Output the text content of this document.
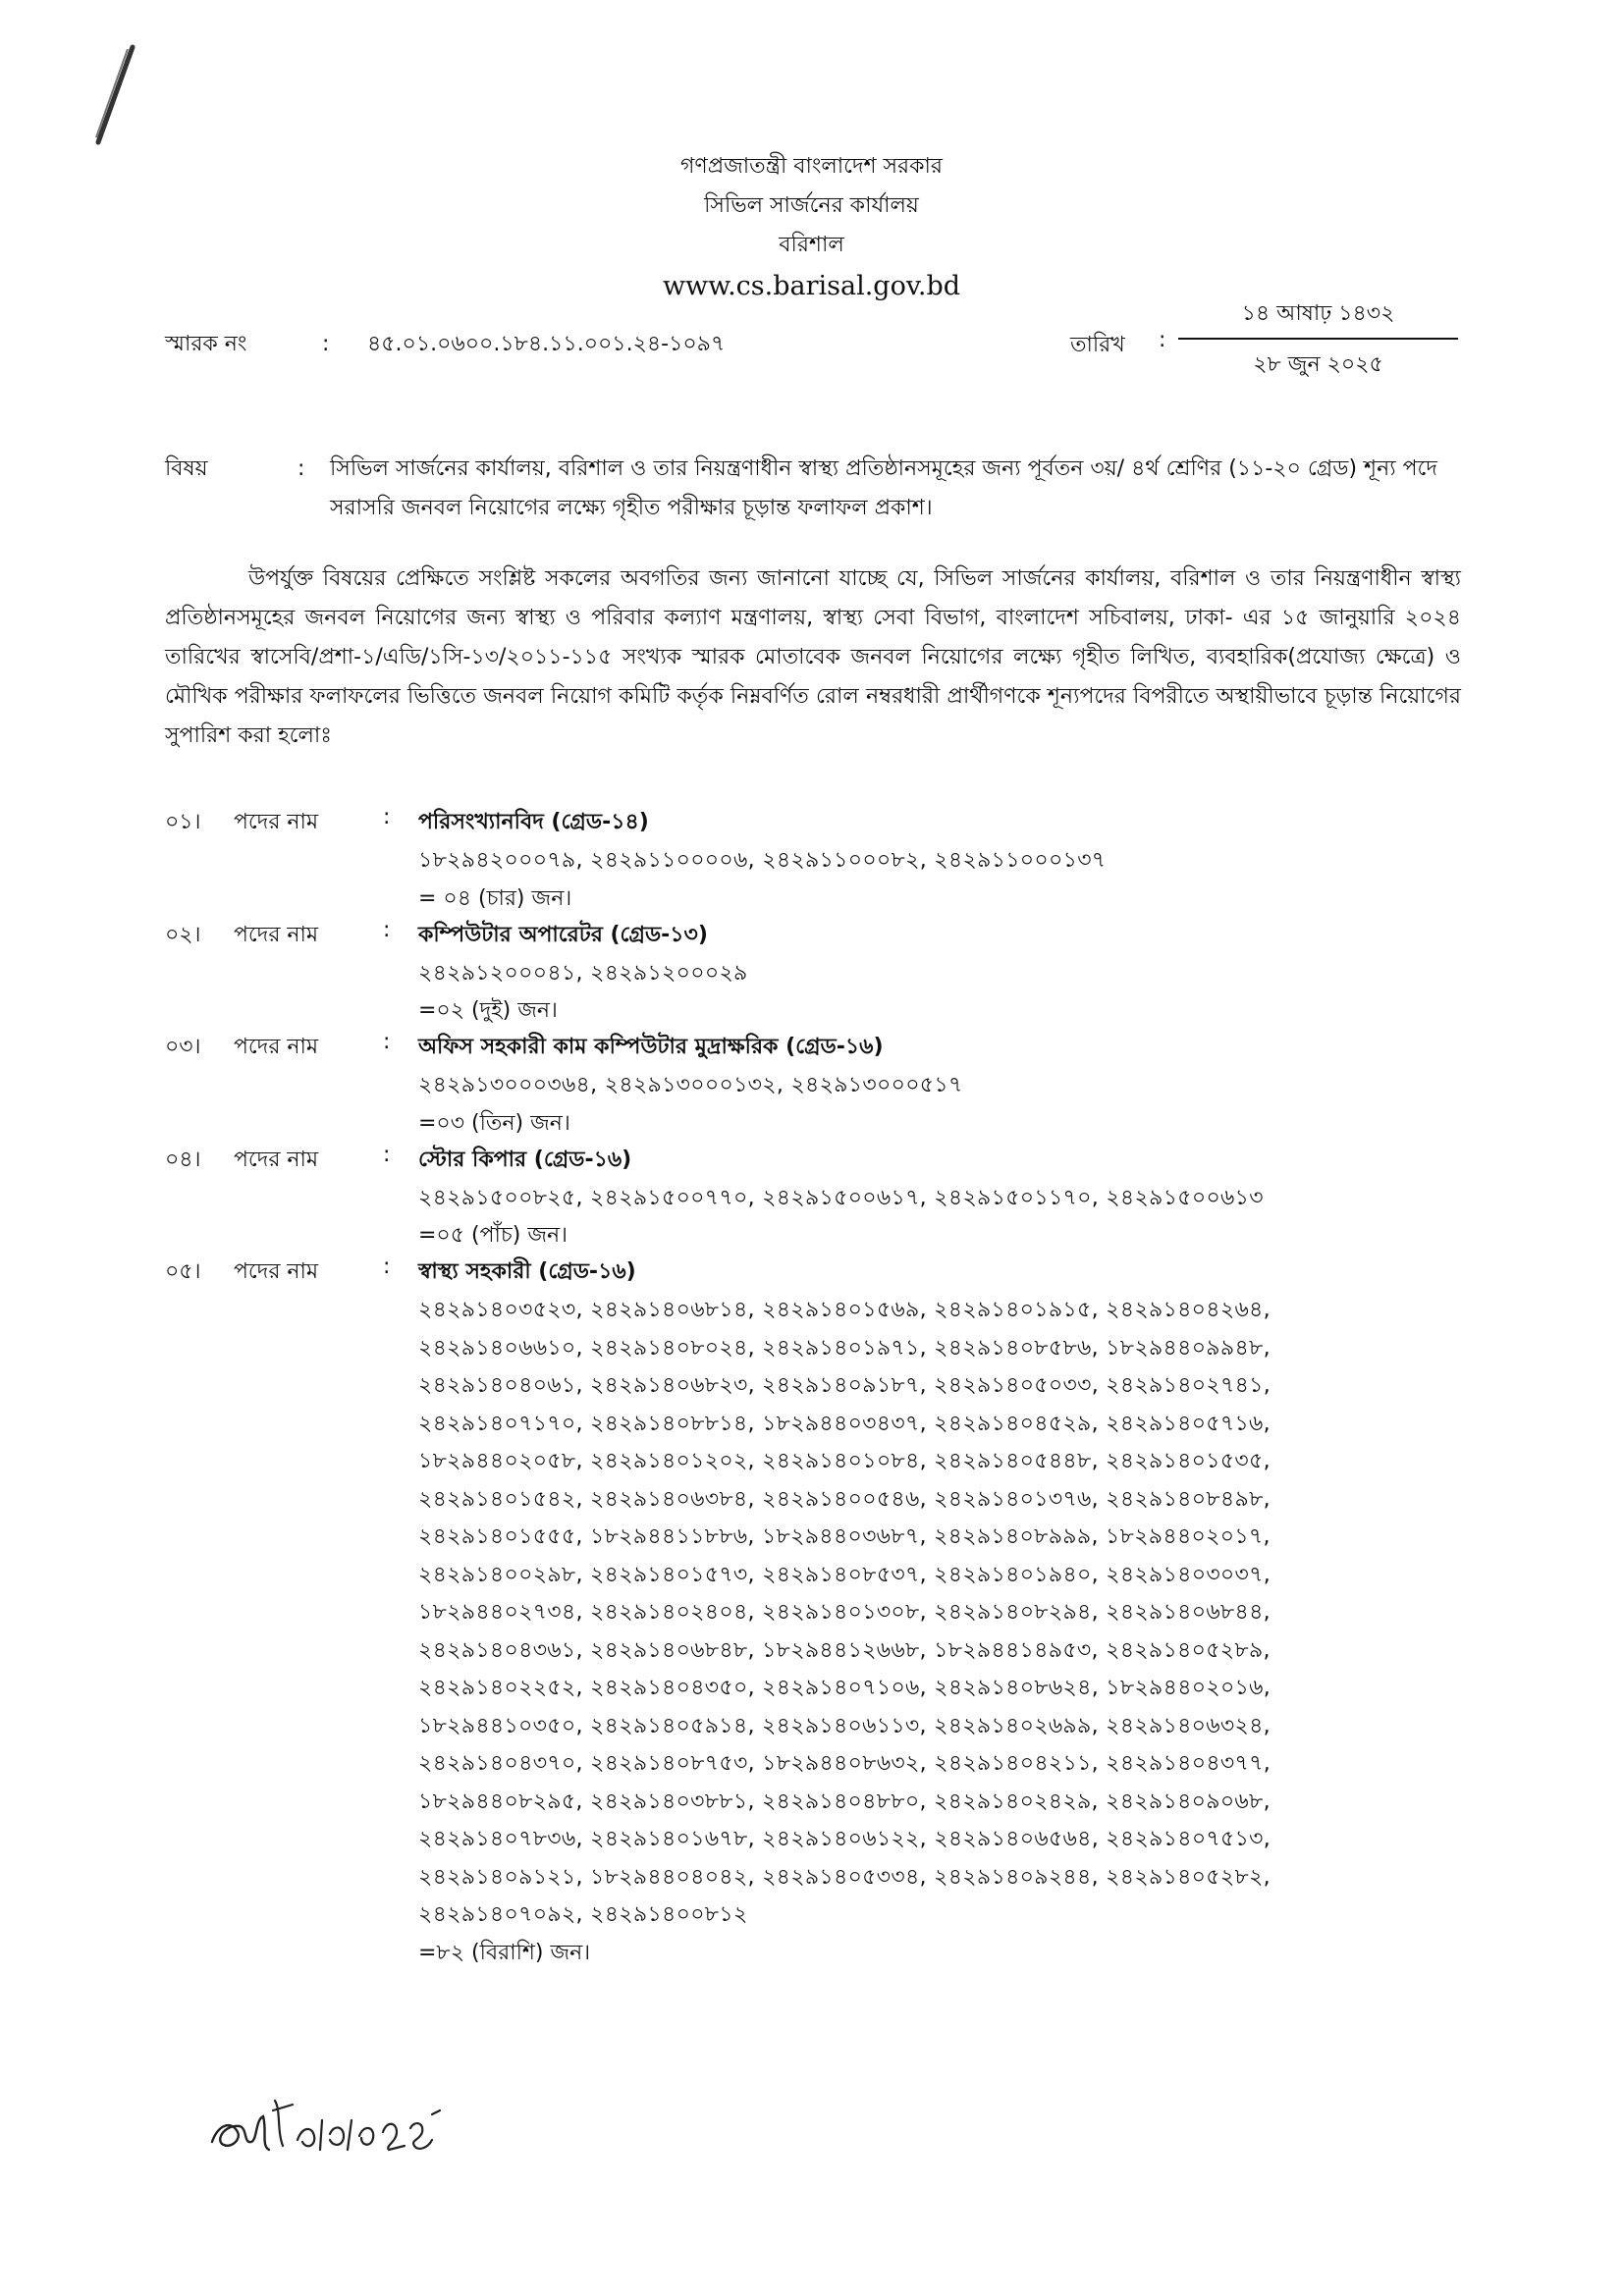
গণপ্রজাতন্ত্রী বাংলাদেশ সরকার
সিভিল সার্জনের কার্যালয়
বরিশাল
www.cs.barisal.gov.bd
স্মারক নং	: ৪৫.০১.০৬০০.১৮৪.১১.০০১.২৪-১০৯৭	তারিখ :
১৪ আষাঢ় ১৪৩২
২৮ জুন ২০২৫
বিষয়	: সিভিল সার্জনের কার্যালয়, বরিশাল ও তার নিয়ন্ত্রণাধীন স্বাস্থ্য প্রতিষ্ঠানসমূহের জন্য পূর্বতন ৩য়/ ৪র্থ শ্রেণির (১১-২০ গ্রেড) শূন্য পদে সরাসরি জনবল নিয়োগের লক্ষ্যে গৃহীত পরীক্ষার চূড়ান্ত ফলাফল প্রকাশ।
উপর্যুক্ত বিষয়ের প্রেক্ষিতে সংশ্লিষ্ট সকলের অবগতির জন্য জানানো যাচ্ছে যে, সিভিল সার্জনের কার্যালয়, বরিশাল ও তার নিয়ন্ত্রণাধীন স্বাস্থ্য প্রতিষ্ঠানসমূহের জনবল নিয়োগের জন্য স্বাস্থ্য ও পরিবার কল্যাণ মন্ত্রণালয়, স্বাস্থ্য সেবা বিভাগ, বাংলাদেশ সচিবালয়, ঢাকা- এর ১৫ জানুয়ারি ২০২৪ তারিখের স্বাসেবি/প্রশা-১/এডি/১সি-১৩/২০১১-১১৫ সংখ্যক স্মারক মোতাবেক জনবল নিয়োগের লক্ষ্যে গৃহীত লিখিত, ব্যবহারিক(প্রযোজ্য ক্ষেত্রে) ও মৌখিক পরীক্ষার ফলাফলের ভিত্তিতে জনবল নিয়োগ কমিটি কর্তৃক নিম্নবর্ণিত রোল নম্বরধারী প্রার্থীগণকে শূন্যপদের বিপরীতে অস্থায়ীভাবে চূড়ান্ত নিয়োগের সুপারিশ করা হলোঃ
০১। পদের নাম	: পরিসংখ্যানবিদ (গ্রেড-১৪)
১৮২৯৪২০০০৭৯, ২৪২৯১১০০০০৬, ২৪২৯১১০০০৮২, ২৪২৯১১০০০১৩৭
= ০৪ (চার) জন।
০২। পদের নাম	: কম্পিউটার অপারেটর (গ্রেড-১৩)
২৪২৯১২০০০৪১, ২৪২৯১২০০০২৯
=০২ (দুই) জন।
০৩। পদের নাম	: অফিস সহকারী কাম কম্পিউটার মুদ্রাক্ষরিক (গ্রেড-১৬)
২৪২৯১৩০০০৩৬৪, ২৪২৯১৩০০০১৩২, ২৪২৯১৩০০০৫১৭
=০৩ (তিন) জন।
০৪। পদের নাম	: স্টোর কিপার (গ্রেড-১৬)
২৪২৯১৫০০৮২৫, ২৪২৯১৫০০৭৭০, ২৪২৯১৫০০৬১৭, ২৪২৯১৫০১১৭০, ২৪২৯১৫০০৬১৩
=০৫ (পাঁচ) জন।
০৫। পদের নাম	: স্বাস্থ্য সহকারী (গ্রেড-১৬)
২৪২৯১৪০৩৫২৩, ২৪২৯১৪০৬৮১৪, ২৪২৯১৪০১৫৬৯, ২৪২৯১৪০১৯১৫, ২৪২৯১৪০৪২৬৪, ২৪২৯১৪০৬৬১০, ২৪২৯১৪০৮০২৪, ২৪২৯১৪০১৯৭১, ২৪২৯১৪০৮৫৮৬, ১৮২৯৪৪০৯৯৪৮, ২৪২৯১৪০৪০৬১, ২৪২৯১৪০৬৮২৩, ২৪২৯১৪০৯১৮৭, ২৪২৯১৪০৫০৩৩, ২৪২৯১৪০২৭৪১, ২৪২৯১৪০৭১৭০, ২৪২৯১৪০৮৮১৪, ১৮২৯৪৪০৩৪৩৭, ২৪২৯১৪০৪৫২৯, ২৪২৯১৪০৫৭১৬, ১৮২৯৪৪০২০৫৮, ২৪২৯১৪০১২০২, ২৪২৯১৪০১০৮৪, ২৪২৯১৪০৫৪৪৮, ২৪২৯১৪০১৫৩৫, ২৪২৯১৪০১৫৪২, ২৪২৯১৪০৬৩৮৪, ২৪২৯১৪০০৫৪৬, ২৪২৯১৪০১৩৭৬, ২৪২৯১৪০৮৪৯৮, ২৪২৯১৪০১৫৫৫, ১৮২৯৪৪১১৮৮৬, ১৮২৯৪৪০৩৬৮৭, ২৪২৯১৪০৮৯৯৯, ১৮২৯৪৪০২০১৭, ২৪২৯১৪০০২৯৮, ২৪২৯১৪০১৫৭৩, ২৪২৯১৪০৮৫৩৭, ২৪২৯১৪০১৯৪০, ২৪২৯১৪০৩০৩৭, ১৮২৯৪৪০২৭৩৪, ২৪২৯১৪০২৪০৪, ২৪২৯১৪০১৩০৮, ২৪২৯১৪০৮২৯৪, ২৪২৯১৪০৬৮৪৪, ২৪২৯১৪০৪৩৬১, ২৪২৯১৪০৬৮৪৮, ১৮২৯৪৪১২৬৬৮, ১৮২৯৪৪১৪৯৫৩, ২৪২৯১৪০৫২৮৯, ২৪২৯১৪০২২৫২, ২৪২৯১৪০৪৩৫০, ২৪২৯১৪০৭১০৬, ২৪২৯১৪০৮৬২৪, ১৮২৯৪৪০২০১৬, ১৮২৯৪৪১০৩৫০, ২৪২৯১৪০৫৯১৪, ২৪২৯১৪০৬১১৩, ২৪২৯১৪০২৬৯৯, ২৪২৯১৪০৬৩২৪, ২৪২৯১৪০৪৩৭০, ২৪২৯১৪০৮৭৫৩, ১৮২৯৪৪০৮৬৩২, ২৪২৯১৪০৪২১১, ২৪২৯১৪০৪৩৭৭, ১৮২৯৪৪০৮২৯৫, ২৪২৯১৪০৩৮৮১, ২৪২৯১৪০৪৮৮০, ২৪২৯১৪০২৪২৯, ২৪২৯১৪০৯০৬৮, ২৪২৯১৪০৭৮৩৬, ২৪২৯১৪০১৬৭৮, ২৪২৯১৪০৬১২২, ২৪২৯১৪০৬৫৬৪, ২৪২৯১৪০৭৫১৩, ২৪২৯১৪০৯১২১, ১৮২৯৪৪০৪০৪২, ২৪২৯১৪০৫৩৩৪, ২৪২৯১৪০৯২৪৪, ২৪২৯১৪০৫২৮২, ২৪২৯১৪০৭০৯২, ২৪২৯১৪০০৮১২
=৮২ (বিরাশি) জন।
